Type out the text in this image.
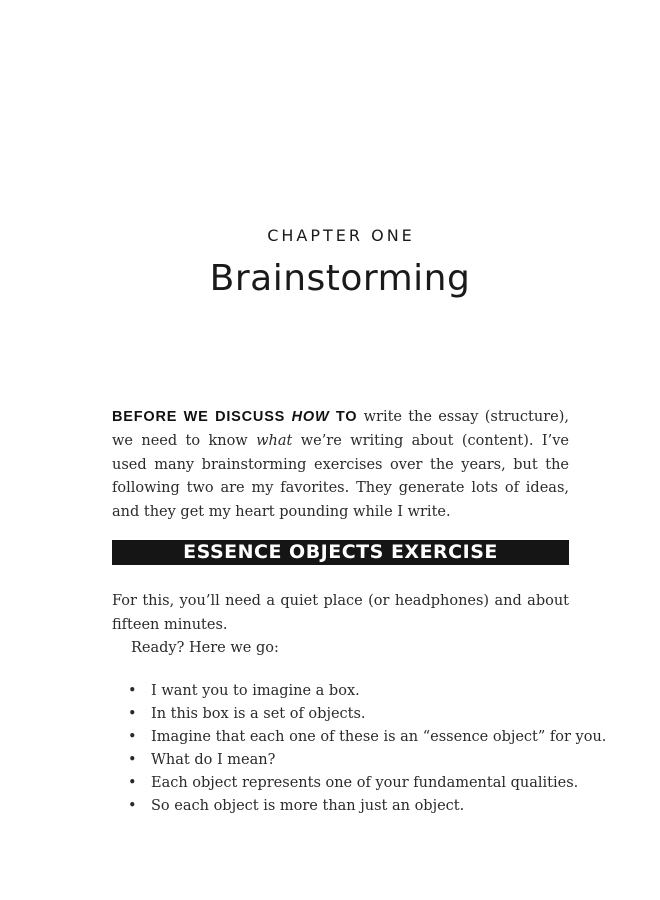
CHAPTER ONE
Brainstorming
BEFORE WE DISCUSS HOW TO write the essay (structure), we need to know what we’re writing about (content). I’ve used many brainstorming exercises over the years, but the following two are my favorites. They generate lots of ideas, and they get my heart pounding while I write.
ESSENCE OBJECTS EXERCISE
For this, you’ll need a quiet place (or headphones) and about fifteen minutes.
Ready? Here we go:
• I want you to imagine a box.
• In this box is a set of objects.
• Imagine that each one of these is an “essence object” for you.
• What do I mean?
• Each object represents one of your fundamental qualities.
• So each object is more than just an object.
